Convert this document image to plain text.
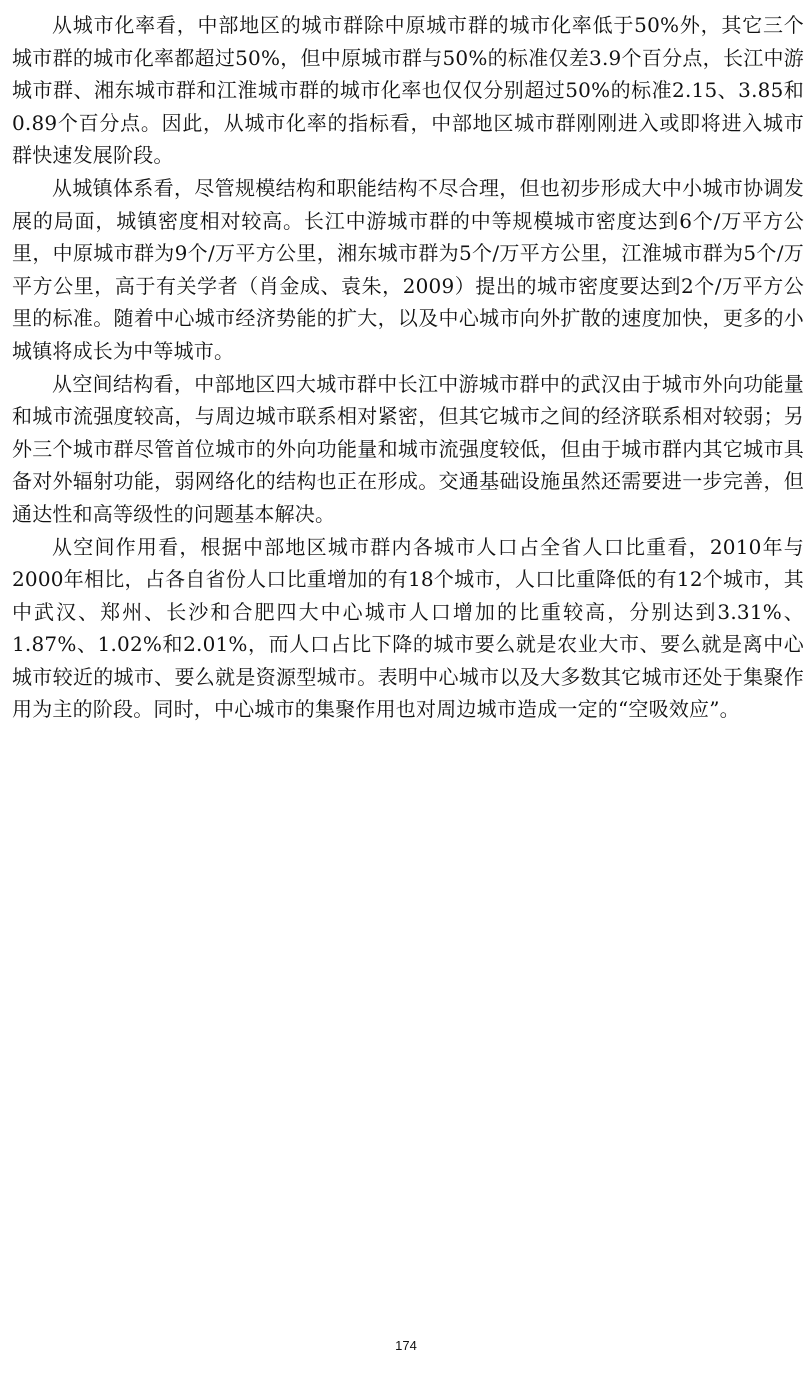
从城市化率看，中部地区的城市群除中原城市群的城市化率低于50%外，其它三个城市群的城市化率都超过50%，但中原城市群与50%的标准仅差3.9个百分点，长江中游城市群、湘东城市群和江淮城市群的城市化率也仅仅分别超过50%的标准2.15、3.85和0.89个百分点。因此，从城市化率的指标看，中部地区城市群刚刚进入或即将进入城市群快速发展阶段。

从城镇体系看，尽管规模结构和职能结构不尽合理，但也初步形成大中小城市协调发展的局面，城镇密度相对较高。长江中游城市群的中等规模城市密度达到6个/万平方公里，中原城市群为9个/万平方公里，湘东城市群为5个/万平方公里，江淮城市群为5个/万平方公里，高于有关学者（肖金成、袁朱，2009）提出的城市密度要达到2个/万平方公里的标准。随着中心城市经济势能的扩大，以及中心城市向外扩散的速度加快，更多的小城镇将成长为中等城市。

从空间结构看，中部地区四大城市群中长江中游城市群中的武汉由于城市外向功能量和城市流强度较高，与周边城市联系相对紧密，但其它城市之间的经济联系相对较弱；另外三个城市群尽管首位城市的外向功能量和城市流强度较低，但由于城市群内其它城市具备对外辐射功能，弱网络化的结构也正在形成。交通基础设施虽然还需要进一步完善，但通达性和高等级性的问题基本解决。

从空间作用看，根据中部地区城市群内各城市人口占全省人口比重看，2010年与2000年相比，占各自省份人口比重增加的有18个城市，人口比重降低的有12个城市，其中武汉、郑州、长沙和合肥四大中心城市人口增加的比重较高，分别达到3.31%、1.87%、1.02%和2.01%，而人口占比下降的城市要么就是农业大市、要么就是离中心城市较近的城市、要么就是资源型城市。表明中心城市以及大多数其它城市还处于集聚作用为主的阶段。同时，中心城市的集聚作用也对周边城市造成一定的“空吸效应”。

174
